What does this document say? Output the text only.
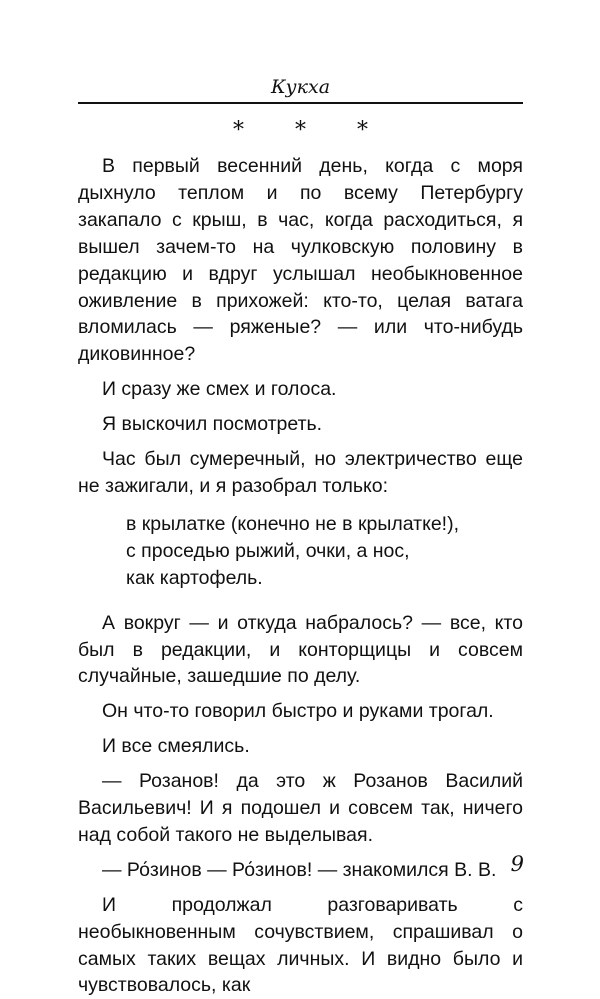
Кукха
* * *

В первый весенний день, когда с моря дыхнуло теплом и по всему Петербургу закапало с крыш, в час, когда расходиться, я вышел зачем-то на чулковскую половину в редакцию и вдруг услышал необыкновенное оживление в прихожей: кто-то, целая ватага вломилась — ряженые? — или что-нибудь диковинное?

И сразу же смех и голоса.

Я выскочил посмотреть.

Час был сумеречный, но электричество еще не зажигали, и я разобрал только:

в крылатке (конечно не в крылатке!),
с проседью рыжий, очки, а нос,
как картофель.

А вокруг — и откуда набралось? — все, кто был в редакции, и конторщицы и совсем случайные, зашедшие по делу.

Он что-то говорил быстро и руками трогал.

И все смеялись.

— Розанов! да это ж Розанов Василий Васильевич! И я подошел и совсем так, ничего над собой такого не выделывая.

— Ро́зинов — Ро́зинов! — знакомился В. В.

И продолжал разговаривать с необыкновенным сочувствием, спрашивал о самых таких вещах личных. И видно было и чувствовалось, как

9
